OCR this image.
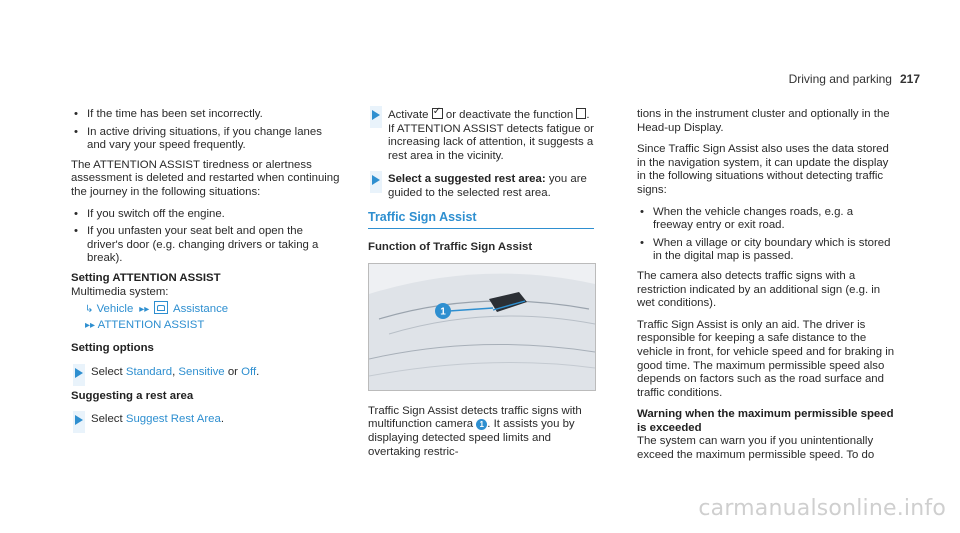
Driving and parking 217
• If the time has been set incorrectly.
• In active driving situations, if you change lanes and vary your speed frequently.

The ATTENTION ASSIST tiredness or alertness assessment is deleted and restarted when continuing the journey in the following situations:

• If you switch off the engine.
• If you unfasten your seat belt and open the driver's door (e.g. changing drivers or taking a break).
Setting ATTENTION ASSIST
Multimedia system:
↳ Vehicle  ▸▸ Assistance
▸▸ ATTENTION ASSIST
Setting options
Select Standard, Sensitive or Off.
Suggesting a rest area
Select Suggest Rest Area.
Activate ✓ or deactivate the function .
If ATTENTION ASSIST detects fatigue or increasing lack of attention, it suggests a rest area in the vicinity.
Select a suggested rest area: you are guided to the selected rest area.
Traffic Sign Assist
Function of Traffic Sign Assist
1

Traffic Sign Assist detects traffic signs with multifunction camera 1 . It assists you by displaying detected speed limits and overtaking restric-

tions in the instrument cluster and optionally in the Head-up Display.

Since Traffic Sign Assist also uses the data stored in the navigation system, it can update the display in the following situations without detecting traffic signs:

• When the vehicle changes roads, e.g. a freeway entry or exit road.
• When a village or city boundary which is stored in the digital map is passed.

The camera also detects traffic signs with a restriction indicated by an additional sign (e.g. in wet conditions).

Traffic Sign Assist is only an aid. The driver is responsible for keeping a safe distance to the vehicle in front, for vehicle speed and for braking in good time. The maximum permissible speed also depends on factors such as the road surface and traffic conditions.

Warning when the maximum permissible speed is exceeded
The system can warn you if you unintentionally exceed the maximum permissible speed. To do
carmanualsonline.info
